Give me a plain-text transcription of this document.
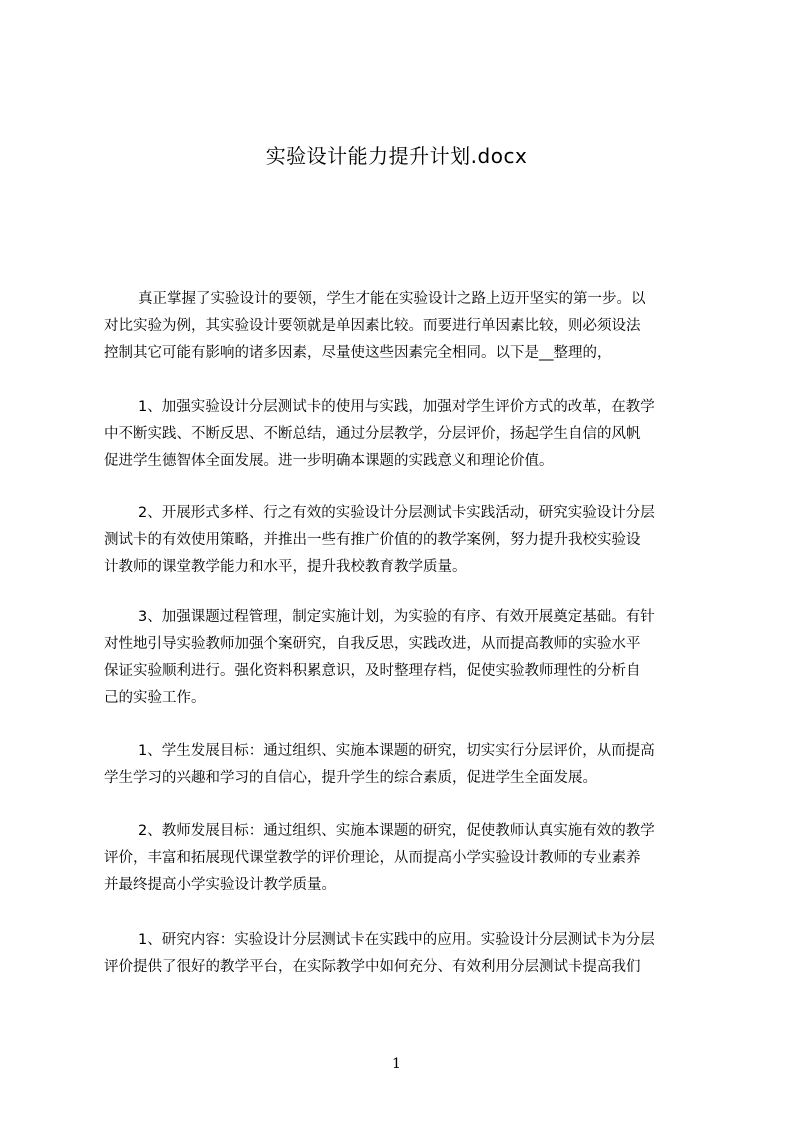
实验设计能力提升计划.docx
真正掌握了实验设计的要领，学生才能在实验设计之路上迈开坚实的第一步。以
对比实验为例，其实验设计要领就是单因素比较。而要进行单因素比较，则必须设法
控制其它可能有影响的诸多因素，尽量使这些因素完全相同。以下是__整理的，
1、加强实验设计分层测试卡的使用与实践，加强对学生评价方式的改革，在教学
中不断实践、不断反思、不断总结，通过分层教学，分层评价，扬起学生自信的风帆
促进学生德智体全面发展。进一步明确本课题的实践意义和理论价值。
2、开展形式多样、行之有效的实验设计分层测试卡实践活动，研究实验设计分层
测试卡的有效使用策略，并推出一些有推广价值的的教学案例，努力提升我校实验设
计教师的课堂教学能力和水平，提升我校教育教学质量。
3、加强课题过程管理，制定实施计划，为实验的有序、有效开展奠定基础。有针
对性地引导实验教师加强个案研究，自我反思，实践改进，从而提高教师的实验水平
保证实验顺利进行。强化资料积累意识，及时整理存档，促使实验教师理性的分析自
己的实验工作。
1、学生发展目标：通过组织、实施本课题的研究，切实实行分层评价，从而提高
学生学习的兴趣和学习的自信心，提升学生的综合素质，促进学生全面发展。
2、教师发展目标：通过组织、实施本课题的研究，促使教师认真实施有效的教学
评价，丰富和拓展现代课堂教学的评价理论，从而提高小学实验设计教师的专业素养
并最终提高小学实验设计教学质量。
1、研究内容：实验设计分层测试卡在实践中的应用。实验设计分层测试卡为分层
评价提供了很好的教学平台，在实际教学中如何充分、有效利用分层测试卡提高我们
1
